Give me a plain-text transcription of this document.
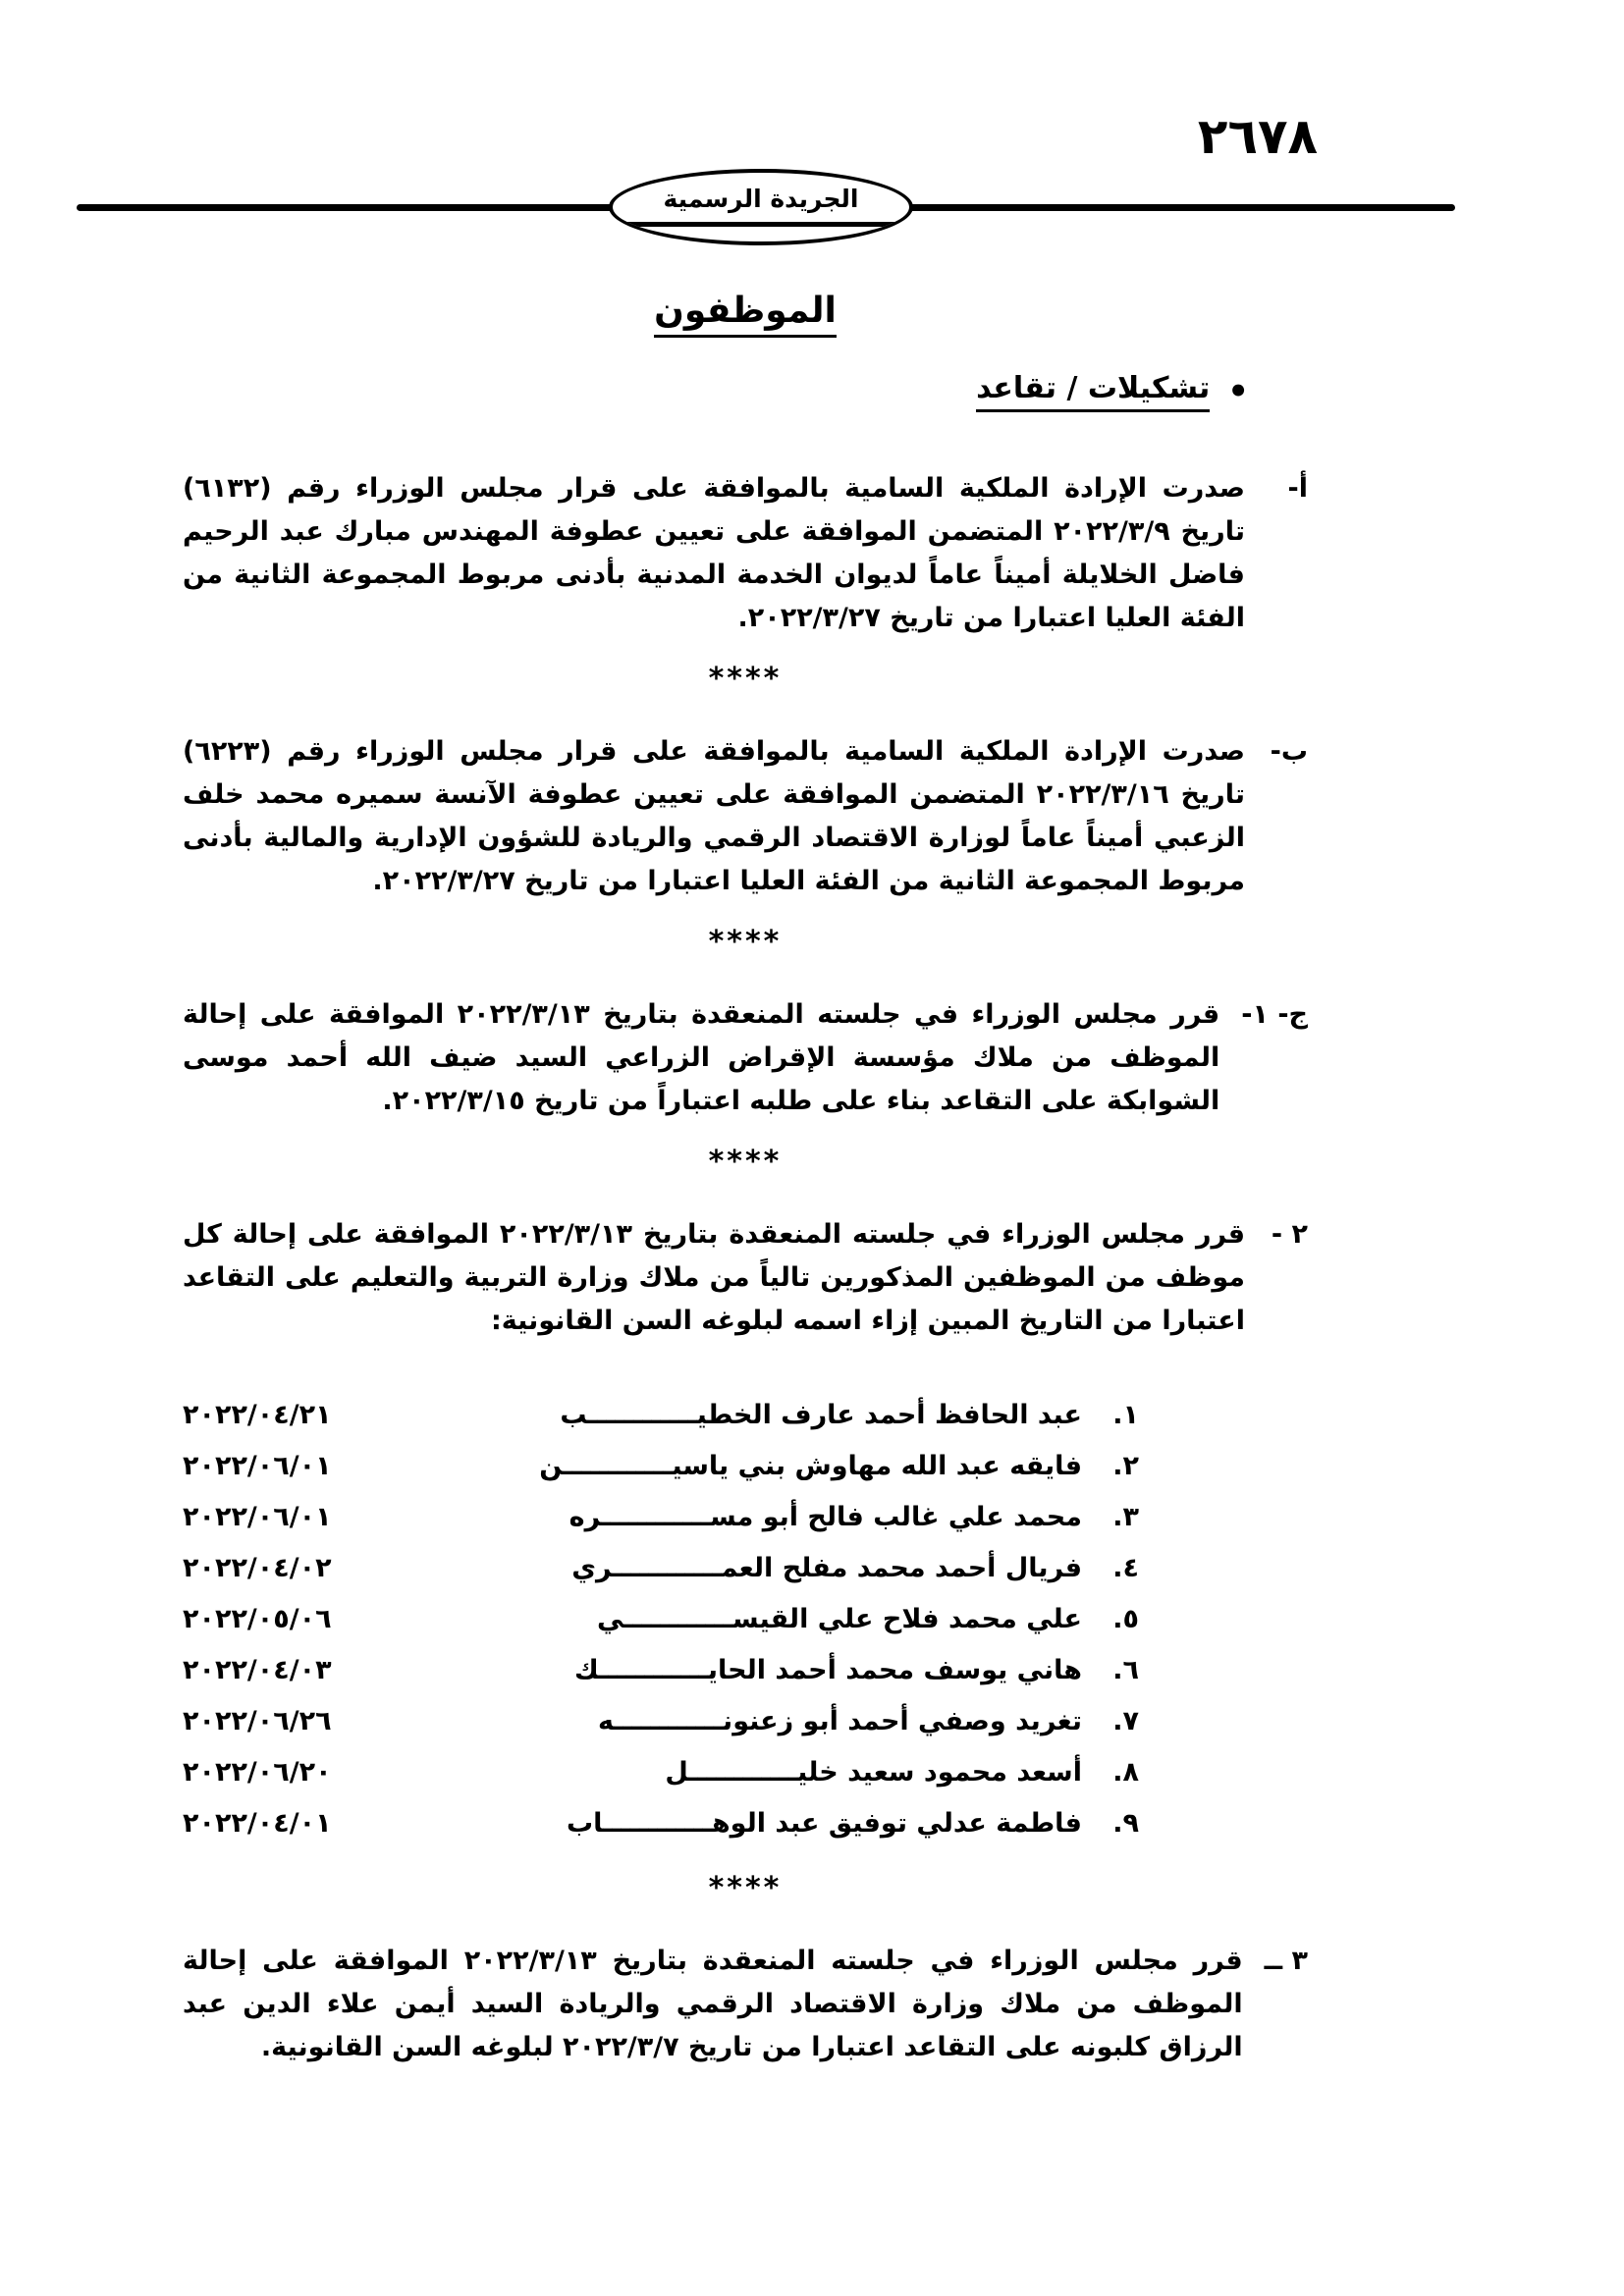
٢٦٧٨
الجريدة الرسمية
الموظفون
•
تشكيلات / تقاعد
أ-
صدرت الإرادة الملكية السامية بالموافقة على قرار مجلس الوزراء رقم (٦١٣٢) تاريخ ٢٠٢٢/٣/٩ المتضمن الموافقة على تعيين عطوفة المهندس مبارك عبد الرحيم فاضل الخلايلة أميناً عاماً لديوان الخدمة المدنية بأدنى مربوط المجموعة الثانية من الفئة العليا اعتبارا من تاريخ ٢٠٢٢/٣/٢٧.
****
ب-
صدرت الإرادة الملكية السامية بالموافقة على قرار مجلس الوزراء رقم (٦٢٢٣) تاريخ ٢٠٢٢/٣/١٦ المتضمن الموافقة على تعيين عطوفة الآنسة سميره محمد خلف الزعبي أميناً عاماً لوزارة الاقتصاد الرقمي والريادة للشؤون الإدارية والمالية بأدنى مربوط المجموعة الثانية من الفئة العليا اعتبارا من تاريخ ٢٠٢٢/٣/٢٧.
****
ج- ١-
قرر مجلس الوزراء في جلسته المنعقدة بتاريخ ٢٠٢٢/٣/١٣ الموافقة على إحالة الموظف من ملاك مؤسسة الإقراض الزراعي السيد ضيف الله أحمد موسى الشوابكة على التقاعد بناء على طلبه اعتباراً من تاريخ ٢٠٢٢/٣/١٥.
****
٢ -
قرر مجلس الوزراء في جلسته المنعقدة بتاريخ ٢٠٢٢/٣/١٣ الموافقة على إحالة كل موظف من الموظفين المذكورين تالياً من ملاك وزارة التربية والتعليم على التقاعد اعتبارا من التاريخ المبين إزاء اسمه لبلوغه السن القانونية:
١.
عبد الحافظ أحمد عارف الخطيــــــــــــب
٢٠٢٢/٠٤/٢١
٢.
فايقه عبد الله مهاوش بني ياسيــــــــــــن
٢٠٢٢/٠٦/٠١
٣.
محمد علي غالب فالح أبو مســــــــــــره
٢٠٢٢/٠٦/٠١
٤.
فريال أحمد محمد مفلح العمــــــــــــري
٢٠٢٢/٠٤/٠٢
٥.
علي محمد فلاح علي القيســــــــــــي
٢٠٢٢/٠٥/٠٦
٦.
هاني يوسف محمد أحمد الحايــــــــــــك
٢٠٢٢/٠٤/٠٣
٧.
تغريد وصفي أحمد أبو زعنونــــــــــــه
٢٠٢٢/٠٦/٢٦
٨.
أسعد محمود سعيد خليــــــــــــل
٢٠٢٢/٠٦/٢٠
٩.
فاطمة عدلي توفيق عبد الوهــــــــــــاب
٢٠٢٢/٠٤/٠١
****
٣ ــ
قرر مجلس الوزراء في جلسته المنعقدة بتاريخ ٢٠٢٢/٣/١٣ الموافقة على إحالة الموظف من ملاك وزارة الاقتصاد الرقمي والريادة السيد أيمن علاء الدين عبد الرزاق كلبونه على التقاعد اعتبارا من تاريخ ٢٠٢٢/٣/٧ لبلوغه السن القانونية.
